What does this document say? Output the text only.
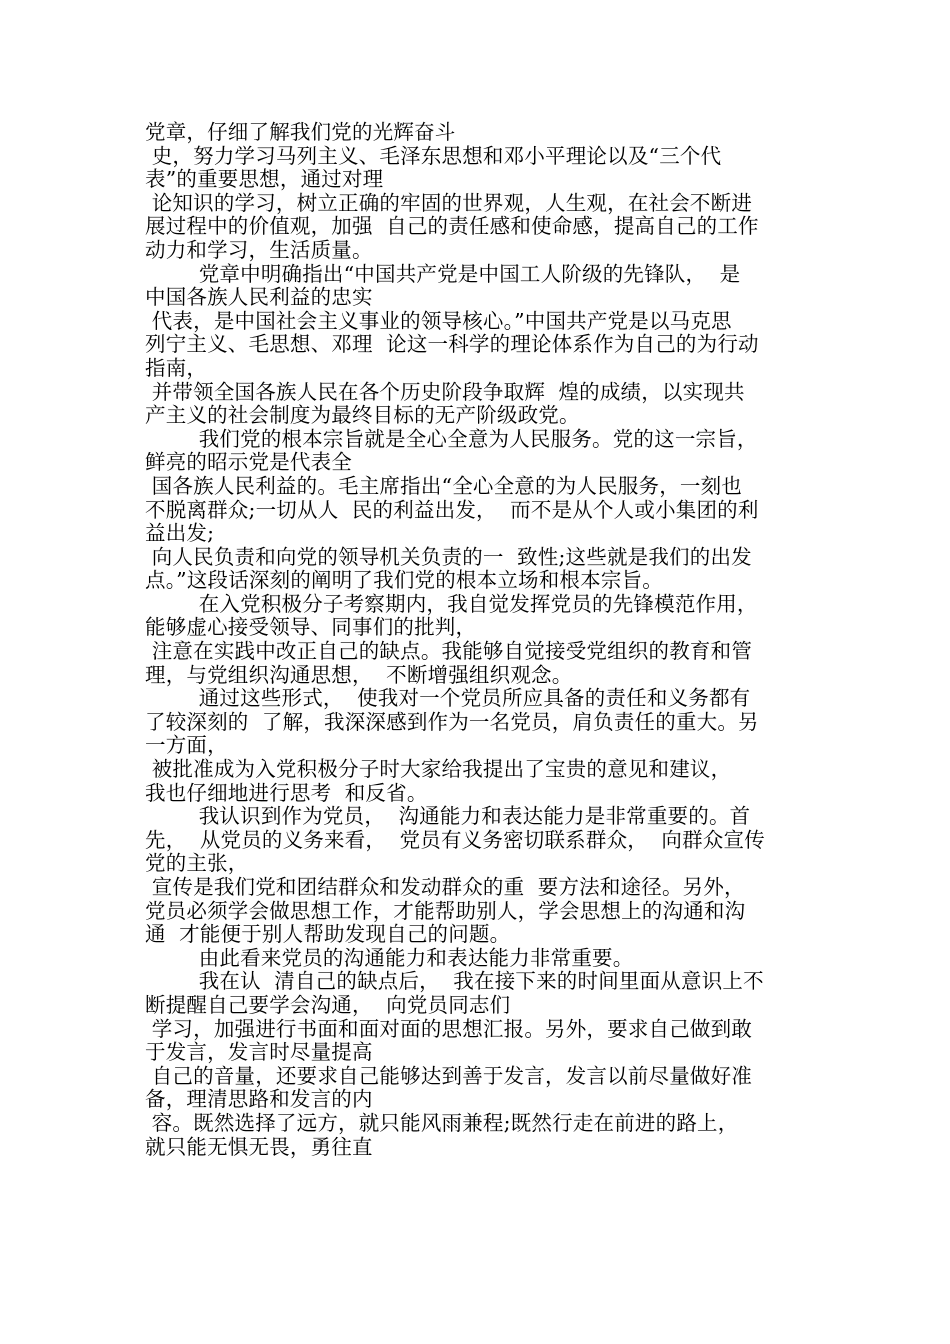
党章，仔细了解我们党的光辉奋斗
史，努力学习马列主义、毛泽东思想和邓小平理论以及“三个代
表”的重要思想，通过对理
论知识的学习，树立正确的牢固的世界观，人生观，在社会不断进
展过程中的价值观，加强  自己的责任感和使命感，提高自己的工作
动力和学习，生活质量。
党章中明确指出“中国共产党是中国工人阶级的先锋队，  是
中国各族人民利益的忠实
代表，是中国社会主义事业的领导核心。”中国共产党是以马克思
列宁主义、毛思想、邓理  论这一科学的理论体系作为自己的为行动
指南，
并带领全国各族人民在各个历史阶段争取辉  煌的成绩，以实现共
产主义的社会制度为最终目标的无产阶级政党。
我们党的根本宗旨就是全心全意为人民服务。党的这一宗旨，
鲜亮的昭示党是代表全
国各族人民利益的。毛主席指出“全心全意的为人民服务，一刻也
不脱离群众;一切从人  民的利益出发，  而不是从个人或小集团的利
益出发;
向人民负责和向党的领导机关负责的一  致性;这些就是我们的出发
点。”这段话深刻的阐明了我们党的根本立场和根本宗旨。
在入党积极分子考察期内，我自觉发挥党员的先锋模范作用，
能够虚心接受领导、同事们的批判，
注意在实践中改正自己的缺点。我能够自觉接受党组织的教育和管
理，与党组织沟通思想，  不断增强组织观念。
通过这些形式，  使我对一个党员所应具备的责任和义务都有
了较深刻的  了解，我深深感到作为一名党员，肩负责任的重大。另
一方面，
被批准成为入党积极分子时大家给我提出了宝贵的意见和建议，
我也仔细地进行思考  和反省。
我认识到作为党员，  沟通能力和表达能力是非常重要的。首
先，  从党员的义务来看，  党员有义务密切联系群众，  向群众宣传
党的主张，
宣传是我们党和团结群众和发动群众的重  要方法和途径。另外，
党员必须学会做思想工作，才能帮助别人，学会思想上的沟通和沟
通  才能便于别人帮助发现自己的问题。
由此看来党员的沟通能力和表达能力非常重要。
我在认  清自己的缺点后，  我在接下来的时间里面从意识上不
断提醒自己要学会沟通，  向党员同志们
学习，加强进行书面和面对面的思想汇报。另外，要求自己做到敢
于发言，发言时尽量提高
自己的音量，还要求自己能够达到善于发言，发言以前尽量做好准
备，理清思路和发言的内
容。既然选择了远方，就只能风雨兼程;既然行走在前进的路上，
就只能无惧无畏，勇往直
